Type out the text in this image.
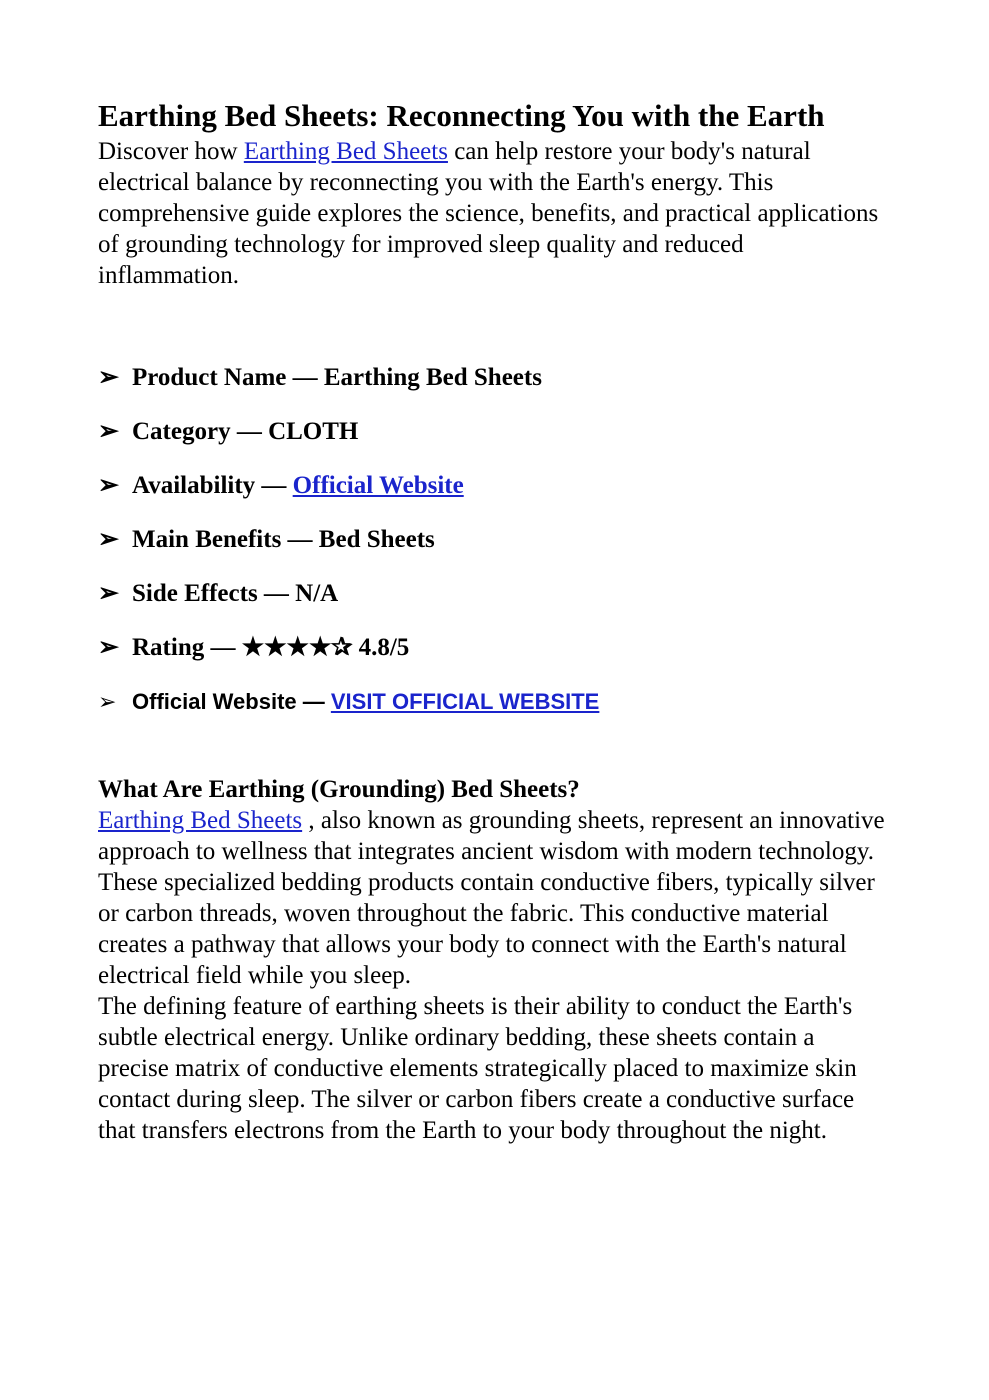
Earthing Bed Sheets: Reconnecting You with the Earth

Discover how Earthing Bed Sheets can help restore your body's natural electrical balance by reconnecting you with the Earth's energy. This comprehensive guide explores the science, benefits, and practical applications of grounding technology for improved sleep quality and reduced inflammation.

➢ Product Name — Earthing Bed Sheets
➢ Category — CLOTH
➢ Availability — Official Website
➢ Main Benefits — Bed Sheets
➢ Side Effects — N/A
➢ Rating — ★★★★✰ 4.8/5
➢ Official Website — VISIT OFFICIAL WEBSITE
What Are Earthing (Grounding) Bed Sheets?

Earthing Bed Sheets , also known as grounding sheets, represent an innovative approach to wellness that integrates ancient wisdom with modern technology. These specialized bedding products contain conductive fibers, typically silver or carbon threads, woven throughout the fabric. This conductive material creates a pathway that allows your body to connect with the Earth's natural electrical field while you sleep.

The defining feature of earthing sheets is their ability to conduct the Earth's subtle electrical energy. Unlike ordinary bedding, these sheets contain a precise matrix of conductive elements strategically placed to maximize skin contact during sleep. The silver or carbon fibers create a conductive surface that transfers electrons from the Earth to your body throughout the night.
